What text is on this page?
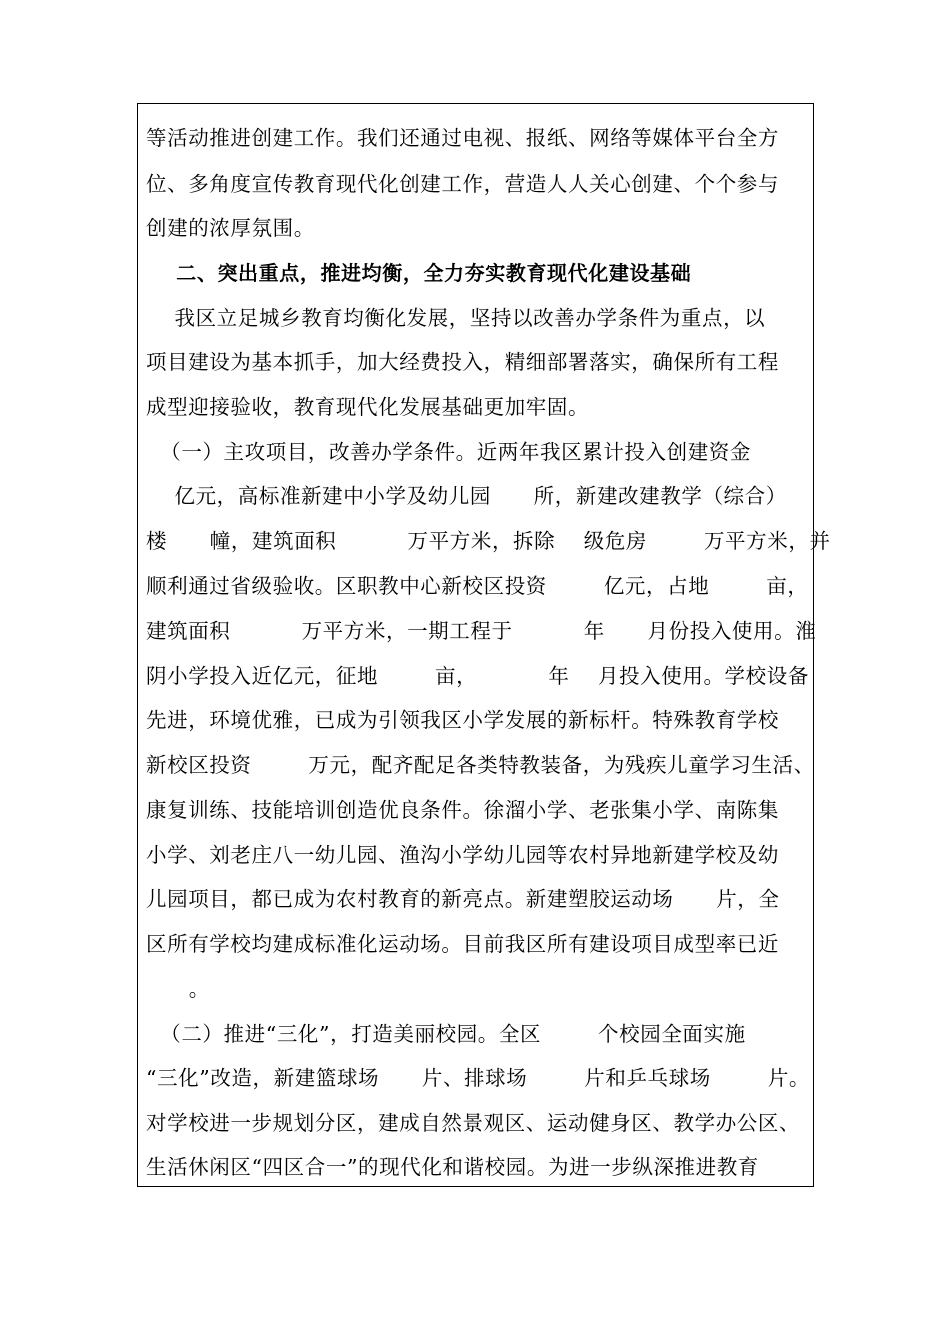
等活动推进创建工作。我们还通过电视、报纸、网络等媒体平台全方
位、多角度宣传教育现代化创建工作，营造人人关心创建、个个参与
创建的浓厚氛围。
二、突出重点，推进均衡，全力夯实教育现代化建设基础
我区立足城乡教育均衡化发展，坚持以改善办学条件为重点，以
项目建设为基本抓手，加大经费投入，精细部署落实，确保所有工程
成型迎接验收，教育现代化发展基础更加牢固。
（一）主攻项目，改善办学条件。近两年我区累计投入创建资金
亿元，高标准新建中小学及幼儿园      所，新建改建教学（综合）
楼      幢，建筑面积          万平方米，拆除    级危房        万平方米，并
顺利通过省级验收。区职教中心新校区投资        亿元，占地        亩，
建筑面积          万平方米，一期工程于          年      月份投入使用。淮
阴小学投入近亿元，征地        亩，          年    月投入使用。学校设备
先进，环境优雅，已成为引领我区小学发展的新标杆。特殊教育学校
新校区投资        万元，配齐配足各类特教装备，为残疾儿童学习生活、
康复训练、技能培训创造优良条件。徐溜小学、老张集小学、南陈集
小学、刘老庄八一幼儿园、渔沟小学幼儿园等农村异地新建学校及幼
儿园项目，都已成为农村教育的新亮点。新建塑胶运动场      片，全
区所有学校均建成标准化运动场。目前我区所有建设项目成型率已近
。
（二）推进“三化”，打造美丽校园。全区        个校园全面实施
“三化”改造，新建篮球场      片、排球场        片和乒乓球场        片。
对学校进一步规划分区，建成自然景观区、运动健身区、教学办公区、
生活休闲区“四区合一”的现代化和谐校园。为进一步纵深推进教育
